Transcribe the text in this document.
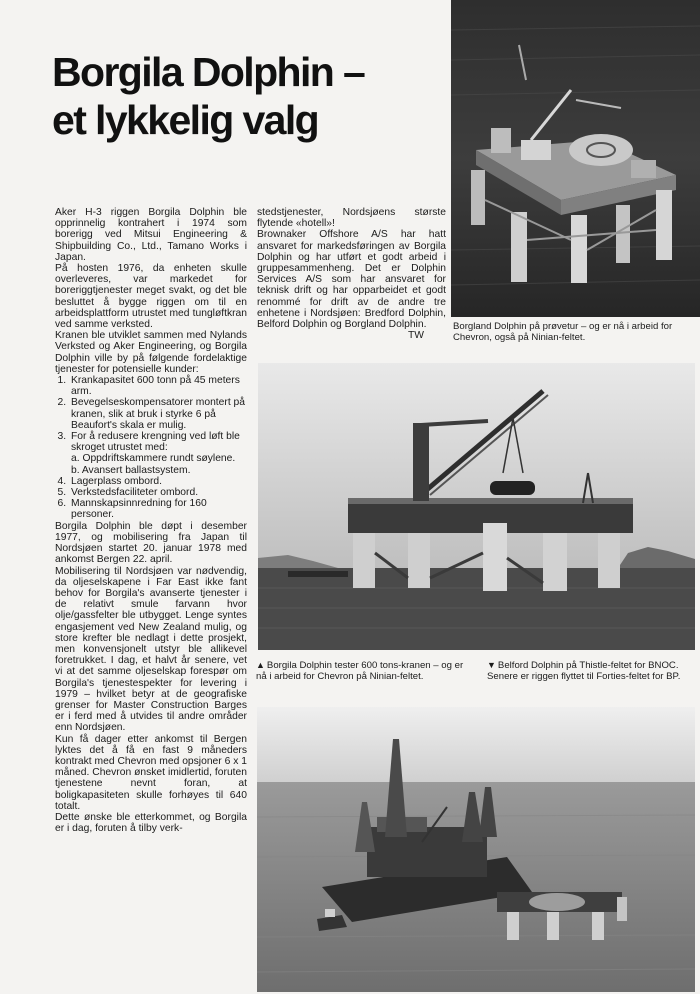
Borgila Dolphin –
et lykkelig valg

Borgland Dolphin på prøvetur – og er nå i arbeid for Chevron, også på Ninian-feltet.

▲ Borgila Dolphin tester 600 tons-kranen – og er nå i arbeid for Chevron på Ninian-feltet.

▼ Belford Dolphin på Thistle-feltet for BNOC. Senere er riggen flyttet til Forties-feltet for BP.

Aker H-3 riggen Borgila Dolphin ble opprinnelig kontrahert i 1974 som borerigg ved Mitsui Engineering & Shipbuilding Co., Ltd., Tamano Works i Japan.

På hosten 1976, da enheten skulle overleveres, var markedet for boreriggtjenester meget svakt, og det ble besluttet å bygge riggen om til en arbeidsplattform utrustet med tungløftkran ved samme verksted.

Kranen ble utviklet sammen med Nylands Verksted og Aker Engineering, og Borgila Dolphin ville by på følgende fordelaktige tjenester for potensielle kunder:

1. Krankapasitet 600 tonn på 45 meters arm.
2. Bevegelseskompensatorer montert på kranen, slik at bruk i styrke 6 på Beaufort's skala er mulig.
3. For å redusere krengning ved løft ble skroget utrustet med:
a. Oppdriftskammere rundt søylene.
b. Avansert ballastsystem.
4. Lagerplass ombord.
5. Verkstedsfaciliteter ombord.
6. Mannskapsinnredning for 160 personer.

Borgila Dolphin ble døpt i desember 1977, og mobilisering fra Japan til Nordsjøen startet 20. januar 1978 med ankomst Bergen 22. april.

Mobilisering til Nordsjøen var nødvendig, da oljeselskapene i Far East ikke fant behov for Borgila's avanserte tjenester i de relativt smule farvann hvor olje/gassfelter ble utbygget. Lenge syntes engasjement ved New Zealand mulig, og store krefter ble nedlagt i dette prosjekt, men konvensjonelt utstyr ble allikevel foretrukket. I dag, et halvt år senere, vet vi at det samme oljeselskap forespør om Borgila's tjenestespekter for levering i 1979 – hvilket betyr at de geografiske grenser for Master Construction Barges er i ferd med å utvides til andre områder enn Nordsjøen.

Kun få dager etter ankomst til Bergen lyktes det å få en fast 9 måneders kontrakt med Chevron med opsjoner 6 x 1 måned. Chevron ønsket imidlertid, foruten tjenestene nevnt foran, at boligkapasiteten skulle forhøyes til 640 totalt.

Dette ønske ble etterkommet, og Borgila er i dag, foruten å tilby verk-

stedstjenester, Nordsjøens største flytende «hotell»!

Brownaker Offshore A/S har hatt ansvaret for markedsføringen av Borgila Dolphin og har utført et godt arbeid i gruppesammenheng. Det er Dolphin Services A/S som har ansvaret for teknisk drift og har opparbeidet et godt renommé for drift av de andre tre enhetene i Nordsjøen: Bredford Dolphin, Belford Dolphin og Borgland Dolphin.

TW
